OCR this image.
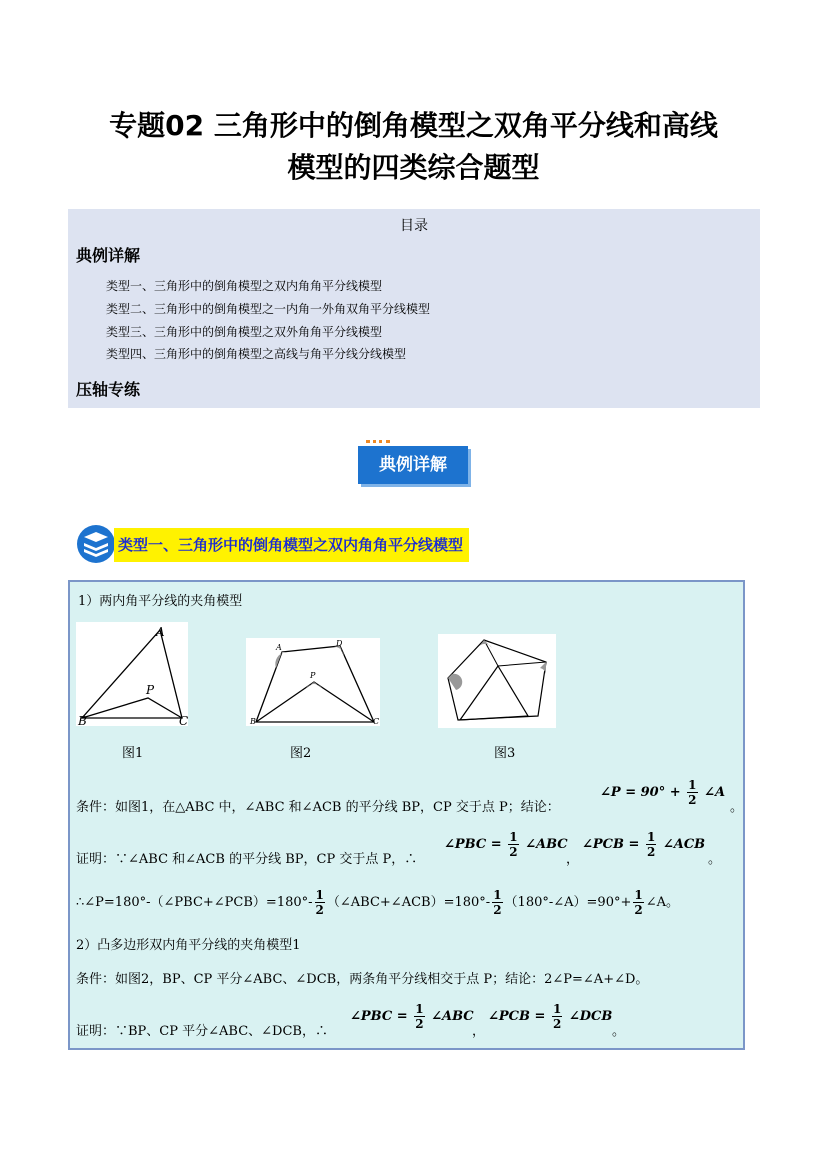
专题02 三角形中的倒角模型之双角平分线和高线
模型的四类综合题型
目录
典例详解
类型一、三角形中的倒角模型之双内角角平分线模型
类型二、三角形中的倒角模型之一内角一外角双角平分线模型
类型三、三角形中的倒角模型之双外角角平分线模型
类型四、三角形中的倒角模型之高线与角平分线分线模型
压轴专练
典例详解
类型一、三角形中的倒角模型之双内角角平分线模型
1）两内角平分线的夹角模型
A
P
B	C
A	D
P
B	C
图1	图2	图3
条件：如图1，在△ABC 中，∠ABC 和∠ACB 的平分线 BP，CP 交于点 P；结论：
∠P = $90^\circ + \frac{1}{2}$ ∠A
。
证明：∵∠ABC 和∠ACB 的平分线 BP，CP 交于点 P，∴
∠PBC = $\frac{1}{2}$ ∠ABC
，
∠PCB = $\frac{1}{2}$ ∠ACB
。
∴∠P=180°-（∠PBC+∠PCB）=180°- $\frac{1}{2}$ （∠ABC+∠ACB）=180°- $\frac{1}{2}$ （180°-∠A）=90°+ $\frac{1}{2}$ ∠A。
2）凸多边形双内角平分线的夹角模型1
条件：如图2，BP、CP 平分∠ABC、∠DCB，两条角平分线相交于点 P；结论：2∠P=∠A+∠D。
证明：∵BP、CP 平分∠ABC、∠DCB，∴
∠PBC = $\frac{1}{2}$ ∠ABC
，
∠PCB = $\frac{1}{2}$ ∠DCB
。
